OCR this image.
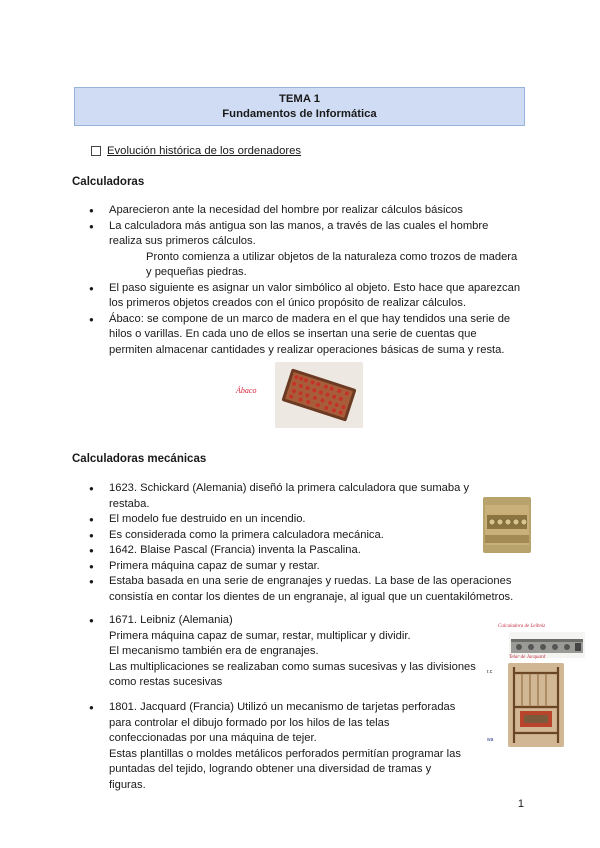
TEMA 1
Fundamentos de Informática
Evolución histórica de los ordenadores
Calculadoras
● Aparecieron ante la necesidad del hombre por realizar cálculos básicos
● La calculadora más antigua son las manos, a través de las cuales el hombre realiza sus primeros cálculos.
Pronto comienza a utilizar objetos de la naturaleza como trozos de madera y pequeñas piedras.
● El paso siguiente es asignar un valor simbólico al objeto. Esto hace que aparezcan los primeros objetos creados con el único propósito de realizar cálculos.
● Ábaco: se compone de un marco de madera en el que hay tendidos una serie de hilos o varillas. En cada uno de ellos se insertan una serie de cuentas que permiten almacenar cantidades y realizar operaciones básicas de suma y resta.
Ábaco
Calculadoras mecánicas
● 1623. Schickard (Alemania) diseñó la primera calculadora que sumaba y restaba.
● El modelo fue destruido en un incendio.
● Es considerada como la primera calculadora mecánica.
● 1642. Blaise Pascal (Francia) inventa la Pascalina.
● Primera máquina capaz de sumar y restar.
● Estaba basada en una serie de engranajes y ruedas. La base de las operaciones consistía en contar los dientes de un engranaje, al igual que un cuentakilómetros.
● 1671. Leibniz (Alemania)
Primera máquina capaz de sumar, restar, multiplicar y dividir.
El mecanismo también era de engranajes.
Las multiplicaciones se realizaban como sumas sucesivas y las divisiones como restas sucesivas
● 1801. Jacquard (Francia) Utilizó un mecanismo de tarjetas perforadas para controlar el dibujo formado por los hilos de las telas confeccionadas por una máquina de tejer.
Estas plantillas o moldes metálicos perforados permitían programar las puntadas del tejido, logrando obtener una diversidad de tramas y figuras.
Calculadora de Leibniz
r.c
Telar de Jacquard
wa
1
